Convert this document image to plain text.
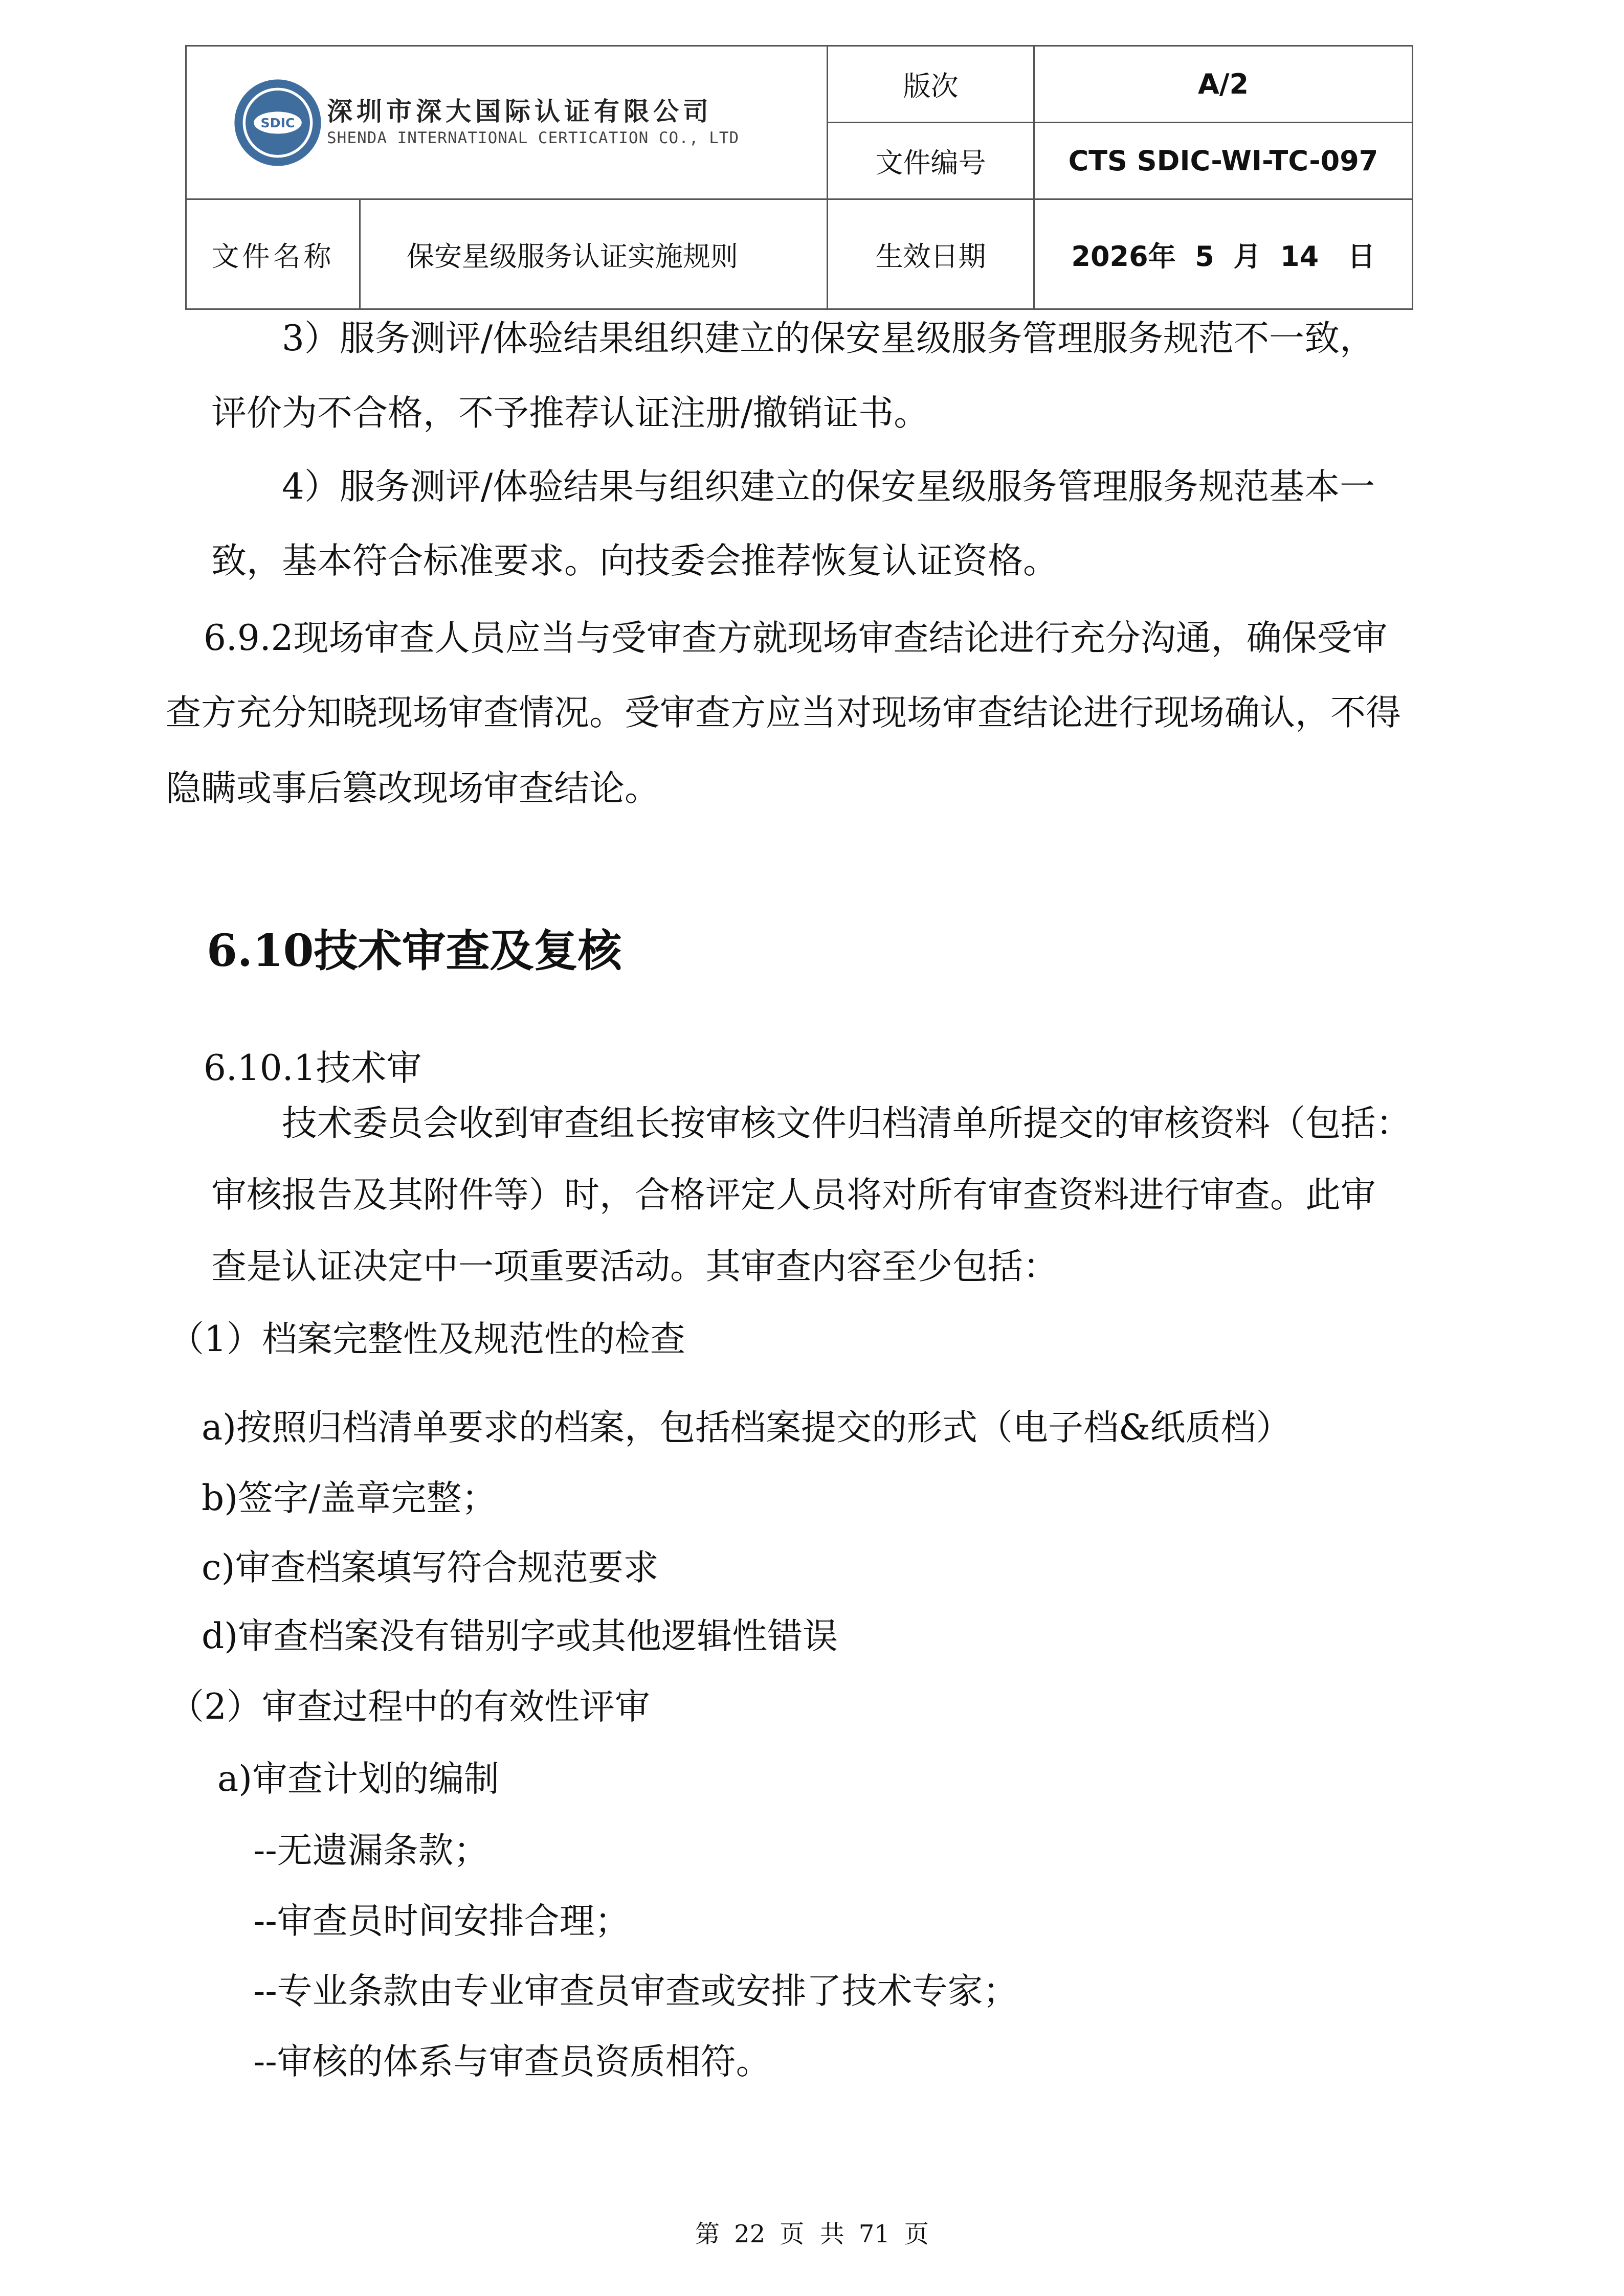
SDIC 深圳市深大国际认证有限公司
SHENDA INTERNATIONAL CERTICATION CO., LTD		版次	A/2
		文件编号	CTS SDIC-WI-TC-097
文件名称	保安星级服务认证实施规则	生效日期	2026年  5  月  14   日

3）服务测评/体验结果组织建立的保安星级服务管理服务规范不一致，

评价为不合格，不予推荐认证注册/撤销证书。

4）服务测评/体验结果与组织建立的保安星级服务管理服务规范基本一

致，基本符合标准要求。向技委会推荐恢复认证资格。

6.9.2现场审查人员应当与受审查方就现场审查结论进行充分沟通，确保受审

查方充分知晓现场审查情况。受审查方应当对现场审查结论进行现场确认，不得

隐瞒或事后篡改现场审查结论。

6.10技术审查及复核

6.10.1技术审

技术委员会收到审查组长按审核文件归档清单所提交的审核资料（包括：

审核报告及其附件等）时，合格评定人员将对所有审查资料进行审查。此审

查是认证决定中一项重要活动。其审查内容至少包括：

（1）档案完整性及规范性的检查

a)按照归档清单要求的档案，包括档案提交的形式（电子档&纸质档）

b)签字/盖章完整；

c)审查档案填写符合规范要求

d)审查档案没有错别字或其他逻辑性错误

（2）审查过程中的有效性评审

a)审查计划的编制

--无遗漏条款；

--审查员时间安排合理；

--专业条款由专业审查员审查或安排了技术专家；

--审核的体系与审查员资质相符。

第 22 页  共 71 页
